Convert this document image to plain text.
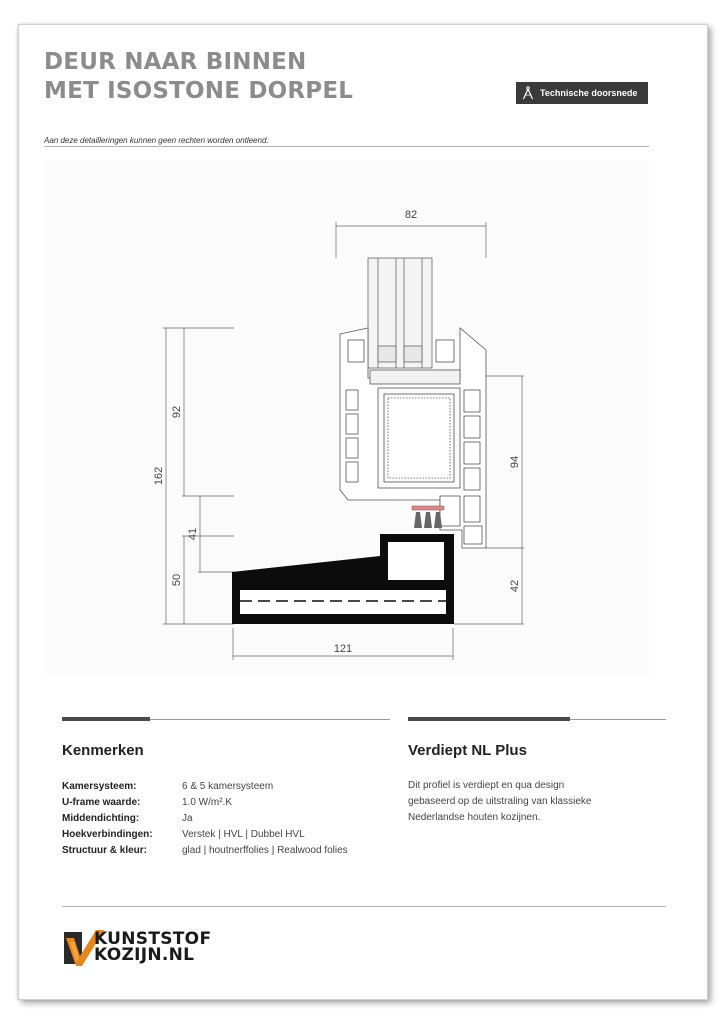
DEUR NAAR BINNEN
MET ISOSTONE DORPEL	Technische doorsnede
Aan deze detailleringen kunnen geen rechten worden ontleend.
82
162
92
41
50
94
42
121
Kenmerken
Kamersysteem:	6 & 5 kamersysteem
U-frame waarde:	1.0 W/m².K
Middendichting:	Ja
Hoekverbindingen:	Verstek | HVL | Dubbel HVL
Structuur & kleur:	glad | houtnerffolies | Realwood folies
Verdiept NL Plus
Dit profiel is verdiept en qua design
gebaseerd op de uitstraling van klassieke
Nederlandse houten kozijnen.
KUNSTSTOF
KOZIJN.NL
